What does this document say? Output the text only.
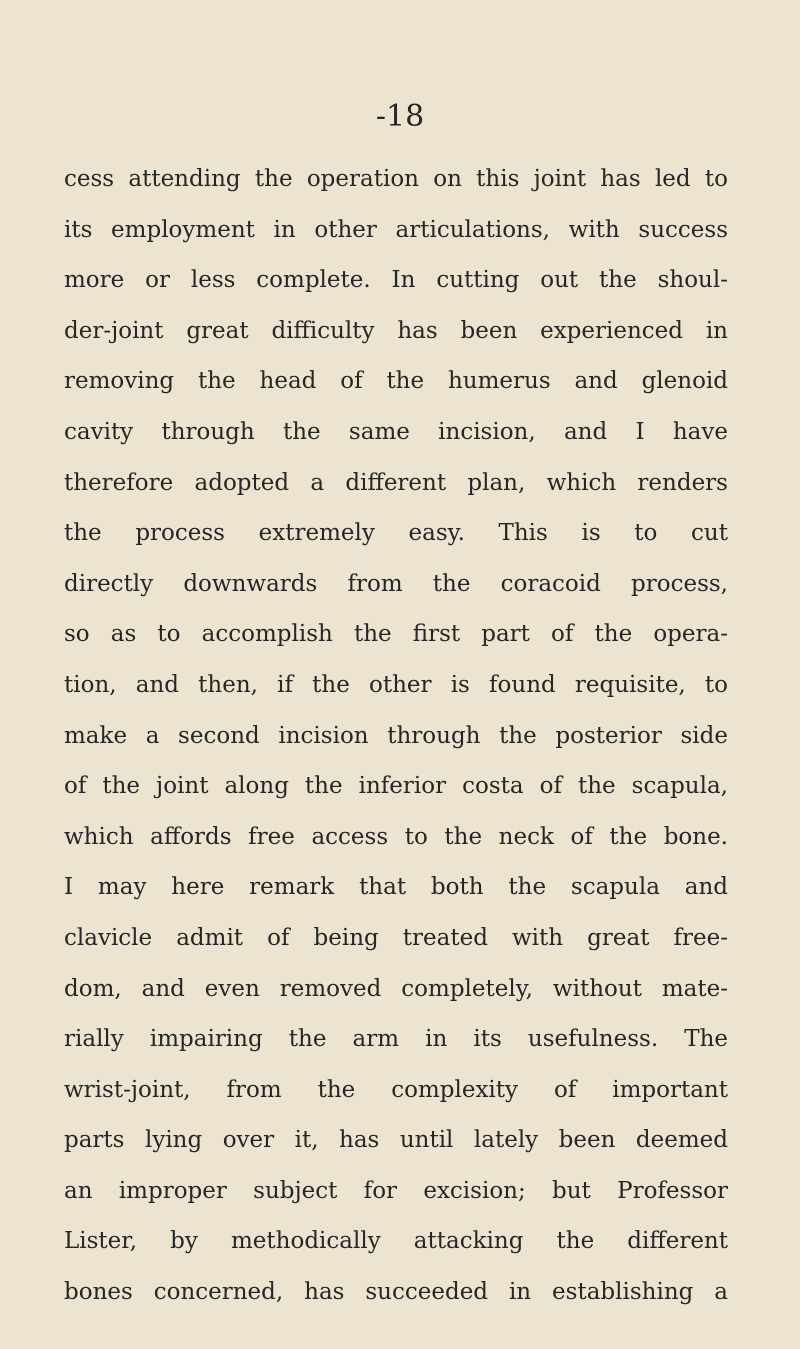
-18
cess attending the operation on this joint has led to
its employment in other articulations, with success
more or less complete. In cutting out the shoul-
der-joint great difficulty has been experienced in
removing the head of the humerus and glenoid
cavity through the same incision, and I have
therefore adopted a different plan, which renders
the process extremely easy. This is to cut
directly downwards from the coracoid process,
so as to accomplish the first part of the opera-
tion, and then, if the other is found requisite, to
make a second incision through the posterior side
of the joint along the inferior costa of the scapula,
which affords free access to the neck of the bone.
I may here remark that both the scapula and
clavicle admit of being treated with great free-
dom, and even removed completely, without mate-
rially impairing the arm in its usefulness. The
wrist-joint, from the complexity of important
parts lying over it, has until lately been deemed
an improper subject for excision; but Professor
Lister, by methodically attacking the different
bones concerned, has succeeded in establishing a
